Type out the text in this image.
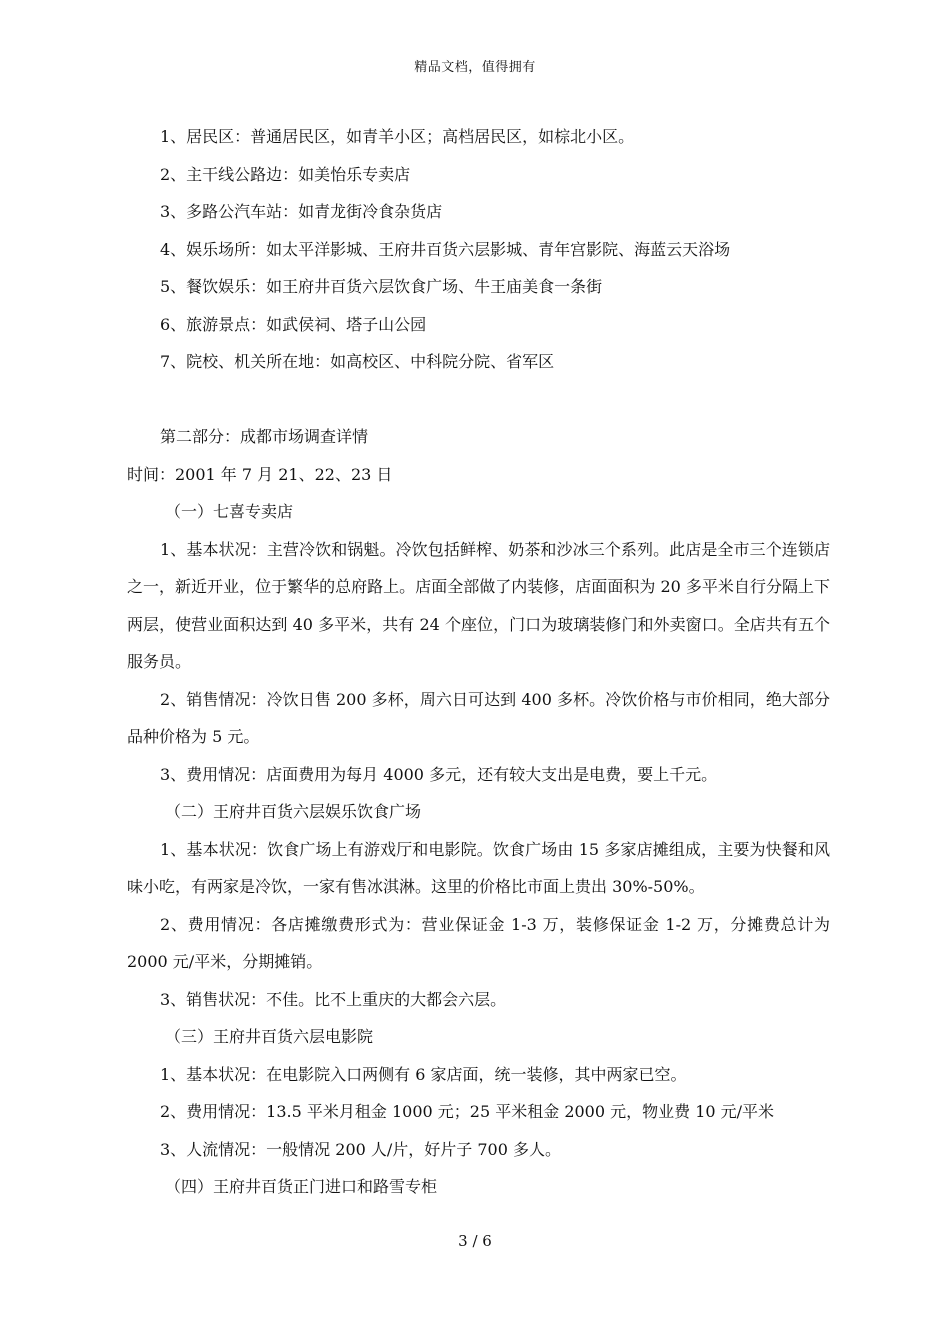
精品文档，值得拥有

1、居民区：普通居民区，如青羊小区；高档居民区，如棕北小区。

2、主干线公路边：如美怡乐专卖店

3、多路公汽车站：如青龙街冷食杂货店

4、娱乐场所：如太平洋影城、王府井百货六层影城、青年宫影院、海蓝云天浴场

5、餐饮娱乐：如王府井百货六层饮食广场、牛王庙美食一条街

6、旅游景点：如武侯祠、塔子山公园

7、院校、机关所在地：如高校区、中科院分院、省军区

第二部分：成都市场调查详情

时间：2001 年 7 月 21、22、23 日

（一）七喜专卖店

1、基本状况：主营冷饮和锅魁。冷饮包括鲜榨、奶茶和沙冰三个系列。此店是全市三个连锁店之一，新近开业，位于繁华的总府路上。店面全部做了内装修，店面面积为 20 多平米自行分隔上下两层，使营业面积达到 40 多平米，共有 24 个座位，门口为玻璃装修门和外卖窗口。全店共有五个服务员。

2、销售情况：冷饮日售 200 多杯，周六日可达到 400 多杯。冷饮价格与市价相同，绝大部分品种价格为 5 元。

3、费用情况：店面费用为每月 4000 多元，还有较大支出是电费，要上千元。

（二）王府井百货六层娱乐饮食广场

1、基本状况：饮食广场上有游戏厅和电影院。饮食广场由 15 多家店摊组成，主要为快餐和风味小吃，有两家是冷饮，一家有售冰淇淋。这里的价格比市面上贵出 30%-50%。

2、费用情况：各店摊缴费形式为：营业保证金 1-3 万，装修保证金 1-2 万，分摊费总计为 2000 元/平米，分期摊销。

3、销售状况：不佳。比不上重庆的大都会六层。

（三）王府井百货六层电影院

1、基本状况：在电影院入口两侧有 6 家店面，统一装修，其中两家已空。

2、费用情况：13.5 平米月租金 1000 元；25 平米租金 2000 元，物业费 10 元/平米

3、人流情况：一般情况 200 人/片，好片子 700 多人。

（四）王府井百货正门进口和路雪专柜

3 / 6
